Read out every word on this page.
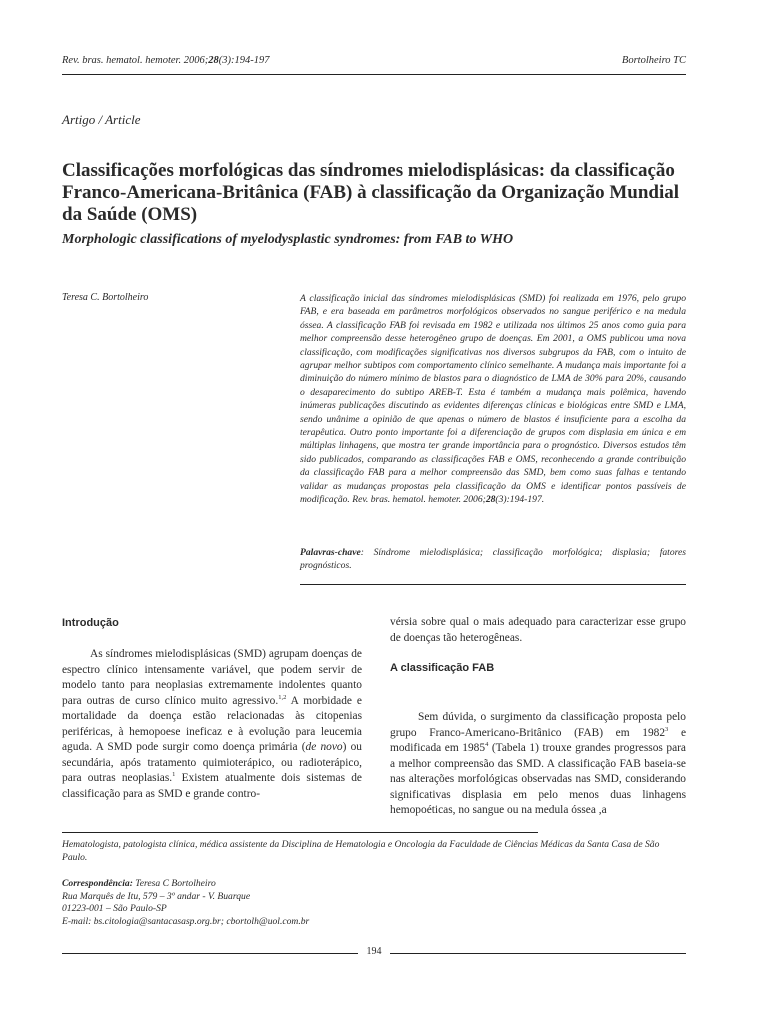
Rev. bras. hematol. hemoter. 2006;28(3):194-197	Bortolheiro TC
Artigo / Article
Classificações morfológicas das síndromes mielodisplásicas: da classificação Franco-Americana-Britânica (FAB) à classificação da Organização Mundial da Saúde (OMS)
Morphologic classifications of myelodysplastic syndromes: from FAB to WHO
Teresa C. Bortolheiro	A classificação inicial das síndromes mielodisplásicas (SMD) foi realizada em 1976, pelo grupo FAB, e era baseada em parâmetros morfológicos observados no sangue periférico e na medula óssea. A classificação FAB foi revisada em 1982 e utilizada nos últimos 25 anos como guia para melhor compreensão desse heterogêneo grupo de doenças. Em 2001, a OMS publicou uma nova classificação, com modificações significativas nos diversos subgrupos da FAB, com o intuito de agrupar melhor subtipos com comportamento clínico semelhante. A mudança mais importante foi a diminuição do número mínimo de blastos para o diagnóstico de LMA de 30% para 20%, causando o desaparecimento do subtipo AREB-T. Esta é também a mudança mais polêmica, havendo inúmeras publicações discutindo as evidentes diferenças clínicas e biológicas entre SMD e LMA, sendo unânime a opinião de que apenas o número de blastos é insuficiente para a escolha da terapêutica. Outro ponto importante foi a diferenciação de grupos com displasia em única e em múltiplas linhagens, que mostra ter grande importância para o prognóstico. Diversos estudos têm sido publicados, comparando as classificações FAB e OMS, reconhecendo a grande contribuição da classificação FAB para a melhor compreensão das SMD, bem como suas falhas e tentando validar as mudanças propostas pela classificação da OMS e identificar pontos passíveis de modificação. Rev. bras. hematol. hemoter. 2006;28(3):194-197.

Palavras-chave: Síndrome mielodisplásica; classificação morfológica; displasia; fatores prognósticos.
Introdução
A classificação FAB

As síndromes mielodisplásicas (SMD) agrupam doenças de espectro clínico intensamente variável, que podem servir de modelo tanto para neoplasias extremamente indolentes quanto para outras de curso clínico muito agressivo.$^{1,2}$ A morbidade e mortalidade da doença estão relacionadas às citopenias periféricas, à hemopoese ineficaz e à evolução para leucemia aguda. A SMD pode surgir como doença primária (de novo) ou secundária, após tratamento quimioterápico, ou radioterápico, para outras neoplasias.$^1$ Existem atualmente dois sistemas de classificação para as SMD e grande contro-

vérsia sobre qual o mais adequado para caracterizar esse grupo de doenças tão heterogêneas.

Sem dúvida, o surgimento da classificação proposta pelo grupo Franco-Americano-Britânico (FAB) em 1982$^3$ e modificada em 1985$^4$ (Tabela 1) trouxe grandes progressos para a melhor compreensão das SMD. A classificação FAB baseia-se nas alterações morfológicas observadas nas SMD, considerando significativas displasia em pelo menos duas linhagens hemopoéticas, no sangue ou na medula óssea ,a

Hematologista, patologista clínica, médica assistente da Disciplina de Hematologia e Oncologia da Faculdade de Ciências Médicas da Santa Casa de São Paulo.
Correspondência: Teresa C Bortolheiro
Rua Marquês de Itu, 579 – 3º andar - V. Buarque
01223-001 – São Paulo-SP
E-mail: bs.citologia@santacasasp.org.br; cbortolh@uol.com.br
194
